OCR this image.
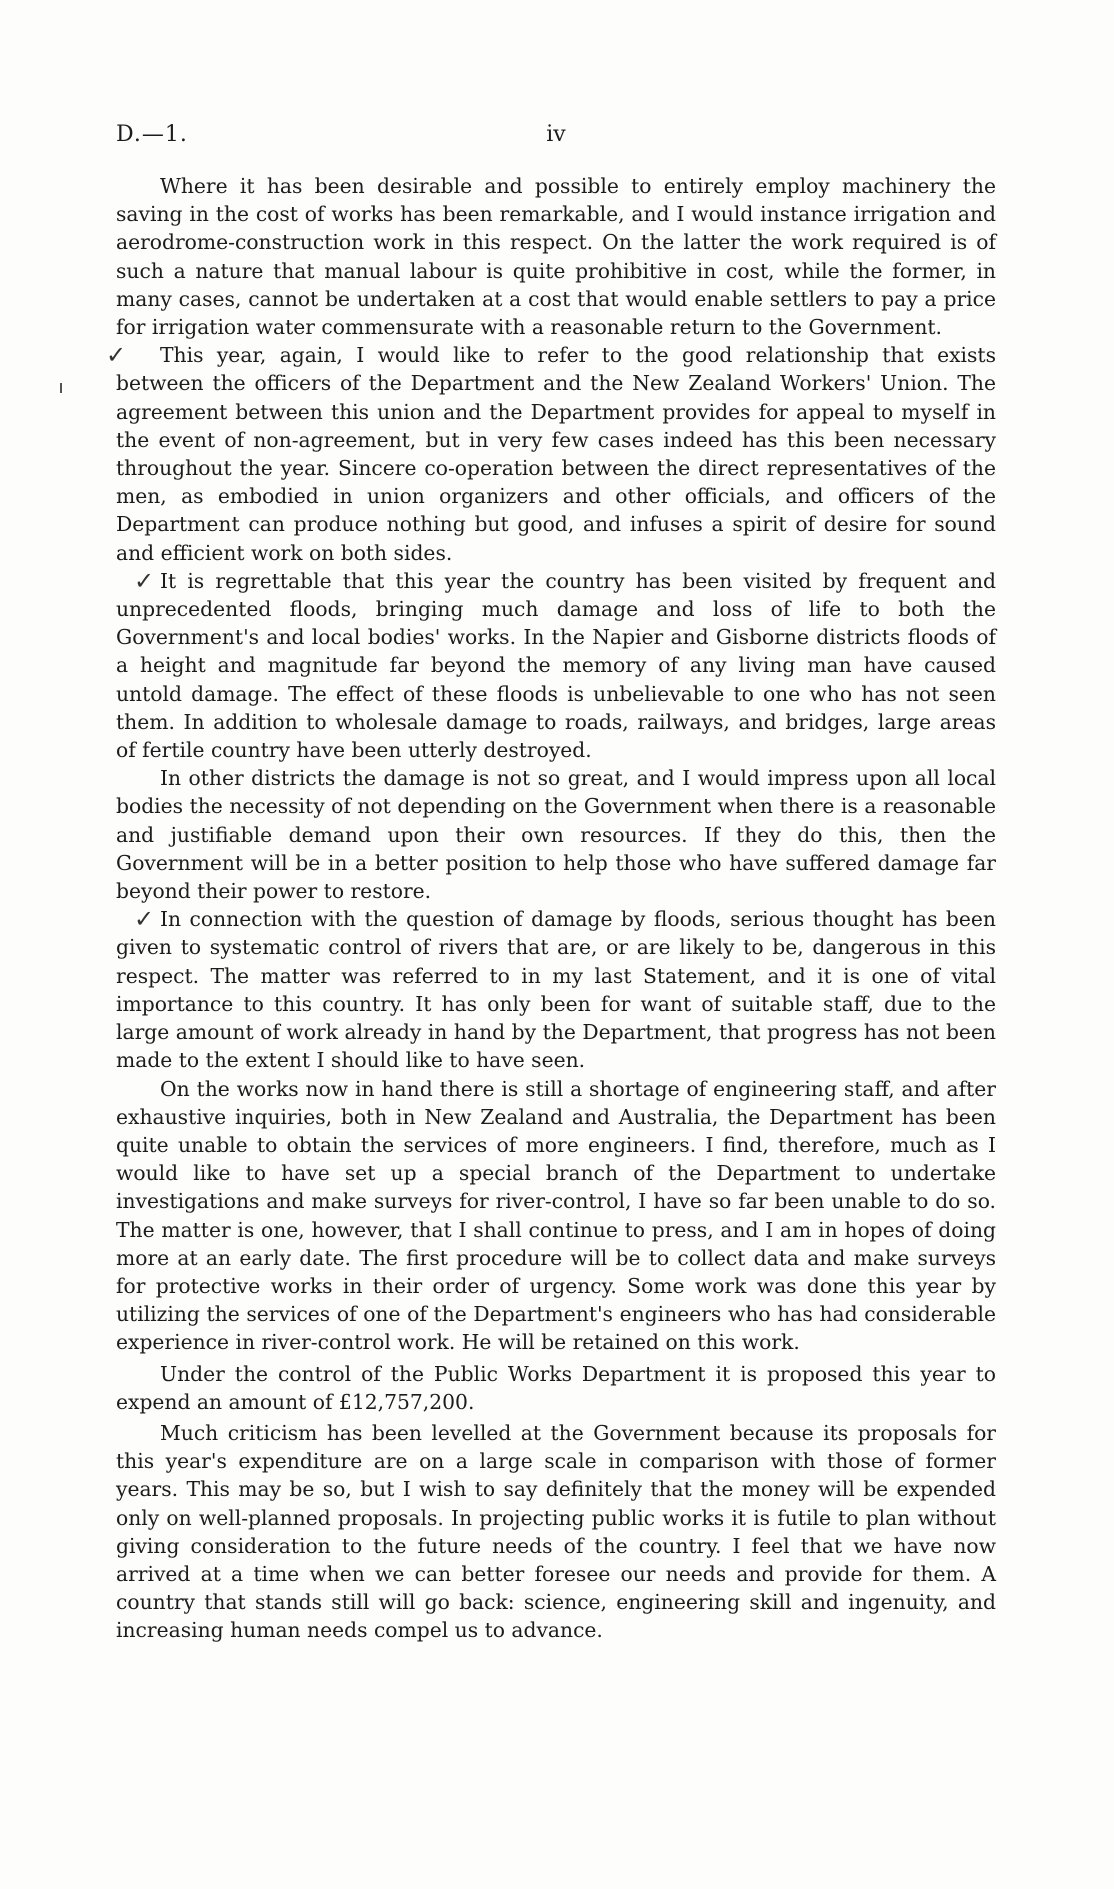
D.—1.	iv

Where it has been desirable and possible to entirely employ machinery the saving in the cost of works has been remarkable, and I would instance irrigation and aerodrome-construction work in this respect. On the latter the work required is of such a nature that manual labour is quite prohibitive in cost, while the former, in many cases, cannot be undertaken at a cost that would enable settlers to pay a price for irrigation water commensurate with a reasonable return to the Government.

✓	This year, again, I would like to refer to the good relationship that exists between the officers of the Department and the New Zealand Workers' Union. The agreement between this union and the Department provides for appeal to myself in the event of non-agreement, but in very few cases indeed has this been necessary throughout the year. Sincere co-operation between the direct representatives of the men, as embodied in union organizers and other officials, and officers of the Department can produce nothing but good, and infuses a spirit of desire for sound and efficient work on both sides.

✓ It is regrettable that this year the country has been visited by frequent and unprecedented floods, bringing much damage and loss of life to both the Government's and local bodies' works. In the Napier and Gisborne districts floods of a height and magnitude far beyond the memory of any living man have caused untold damage. The effect of these floods is unbelievable to one who has not seen them. In addition to wholesale damage to roads, railways, and bridges, large areas of fertile country have been utterly destroyed.

In other districts the damage is not so great, and I would impress upon all local bodies the necessity of not depending on the Government when there is a reasonable and justifiable demand upon their own resources. If they do this, then the Government will be in a better position to help those who have suffered damage far beyond their power to restore.

✓ In connection with the question of damage by floods, serious thought has been given to systematic control of rivers that are, or are likely to be, dangerous in this respect. The matter was referred to in my last Statement, and it is one of vital importance to this country. It has only been for want of suitable staff, due to the large amount of work already in hand by the Department, that progress has not been made to the extent I should like to have seen.

On the works now in hand there is still a shortage of engineering staff, and after exhaustive inquiries, both in New Zealand and Australia, the Department has been quite unable to obtain the services of more engineers. I find, therefore, much as I would like to have set up a special branch of the Department to undertake investigations and make surveys for river-control, I have so far been unable to do so. The matter is one, however, that I shall continue to press, and I am in hopes of doing more at an early date. The first procedure will be to collect data and make surveys for protective works in their order of urgency. Some work was done this year by utilizing the services of one of the Department's engineers who has had considerable experience in river-control work. He will be retained on this work.

Under the control of the Public Works Department it is proposed this year to expend an amount of £12,757,200.

Much criticism has been levelled at the Government because its proposals for this year's expenditure are on a large scale in comparison with those of former years. This may be so, but I wish to say definitely that the money will be expended only on well-planned proposals. In projecting public works it is futile to plan without giving consideration to the future needs of the country. I feel that we have now arrived at a time when we can better foresee our needs and provide for them. A country that stands still will go back: science, engineering skill and ingenuity, and increasing human needs compel us to advance.
